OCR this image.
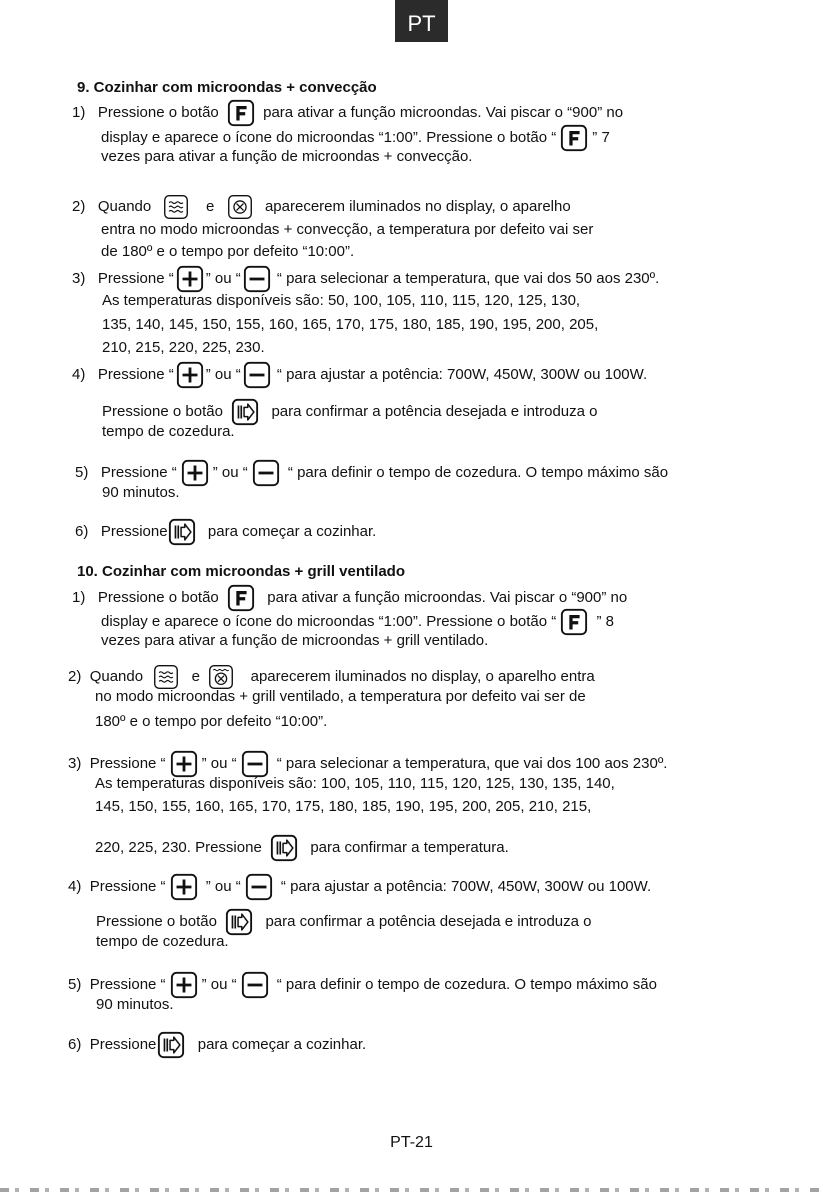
PT
9. Cozinhar com microondas + convecção
1) Pressione o botão	para ativar a função microondas. Vai piscar o “900” no
display e aparece o ícone do microondas “1:00”. Pressione o botão “ ” 7
vezes para ativar a função de microondas + convecção.
2) Quando	e	aparecerem iluminados no display, o aparelho
entra no modo microondas + convecção, a temperatura por defeito vai ser
de 180º e o tempo por defeito “10:00”.
3) Pressione “ ” ou “ “ para selecionar a temperatura, que vai dos 50 aos 230º.
As temperaturas disponíveis são: 50, 100, 105, 110, 115, 120, 125, 130,
135, 140, 145, 150, 155, 160, 165, 170, 175, 180, 185, 190, 195, 200, 205,
210, 215, 220, 225, 230.
4) Pressione “ ” ou “ “ para ajustar a potência: 700W, 450W, 300W ou 100W.
Pressione o botão	para confirmar a potência desejada e introduza o
tempo de cozedura.
5) Pressione “ ” ou “	“ para definir o tempo de cozedura. O tempo máximo são
90 minutos.
6) Pressione	para começar a cozinhar.
10. Cozinhar com microondas + grill ventilado
1) Pressione o botão	para ativar a função microondas. Vai piscar o “900” no
display e aparece o ícone do microondas “1:00”. Pressione o botão “	” 8
vezes para ativar a função de microondas + grill ventilado.
2) Quando	e	aparecerem iluminados no display, o aparelho entra
no modo microondas + grill ventilado, a temperatura por defeito vai ser de
180º e o tempo por defeito “10:00”.
3) Pressione “ ” ou “	“ para selecionar a temperatura, que vai dos 100 aos 230º.
As temperaturas disponíveis são: 100, 105, 110, 115, 120, 125, 130, 135, 140,
145, 150, 155, 160, 165, 170, 175, 180, 185, 190, 195, 200, 205, 210, 215,
220, 225, 230. Pressione	para confirmar a temperatura.
4) Pressione “	” ou “	“ para ajustar a potência: 700W, 450W, 300W ou 100W.
Pressione o botão	para confirmar a potência desejada e introduza o
tempo de cozedura.
5) Pressione “ ” ou “	“ para definir o tempo de cozedura. O tempo máximo são
90 minutos.
6) Pressione	para começar a cozinhar.
PT-21
